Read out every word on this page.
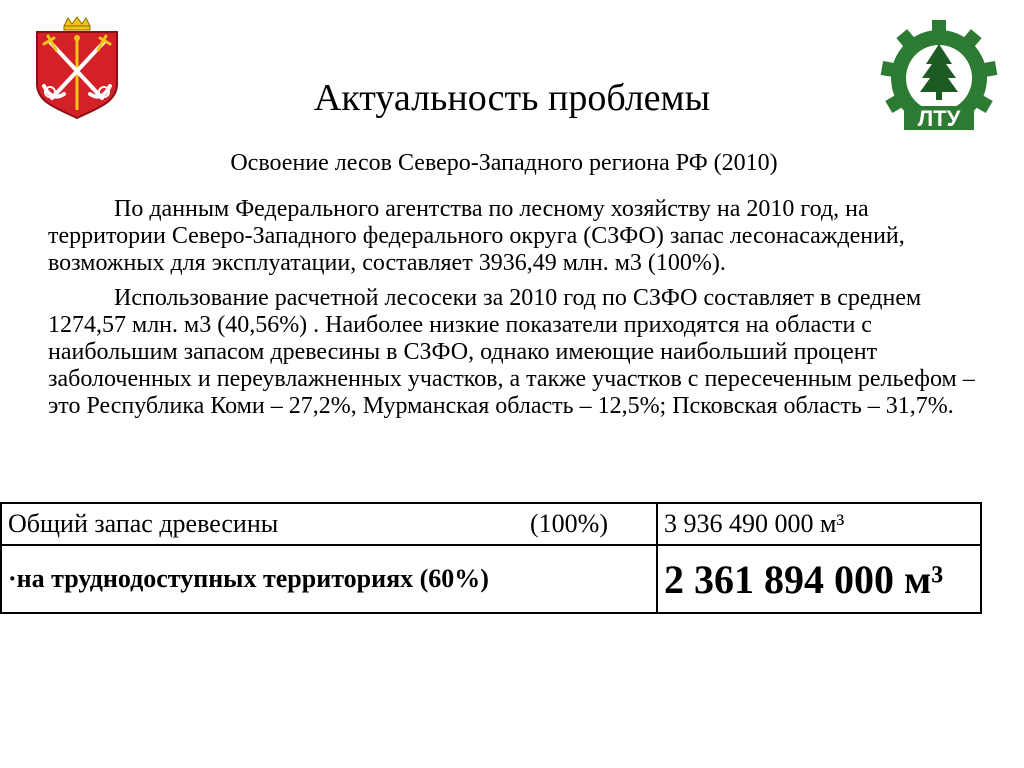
ЛТУ
Актуальность проблемы
Освоение лесов Северо-Западного региона РФ (2010)

По данным Федерального агентства по лесному хозяйству на 2010 год, на территории Северо-Западного федерального округа (СЗФО) запас лесонасаждений, возможных для эксплуатации, составляет 3936,49 млн. м3 (100%).

Использование расчетной лесосеки за 2010 год по СЗФО составляет в среднем 1274,57 млн. м3 (40,56%) . Наиболее низкие показатели приходятся на области с наибольшим запасом древесины в СЗФО, однако имеющие наибольший процент заболоченных и переувлажненных участков, а также участков с пересеченным рельефом – это Республика Коми – 27,2%, Мурманская область – 12,5%; Псковская область – 31,7%.

Общий запас древесины (100%)	3 936 490 000 м³
·на труднодоступных территориях (60%)	2 361 894 000 м³
